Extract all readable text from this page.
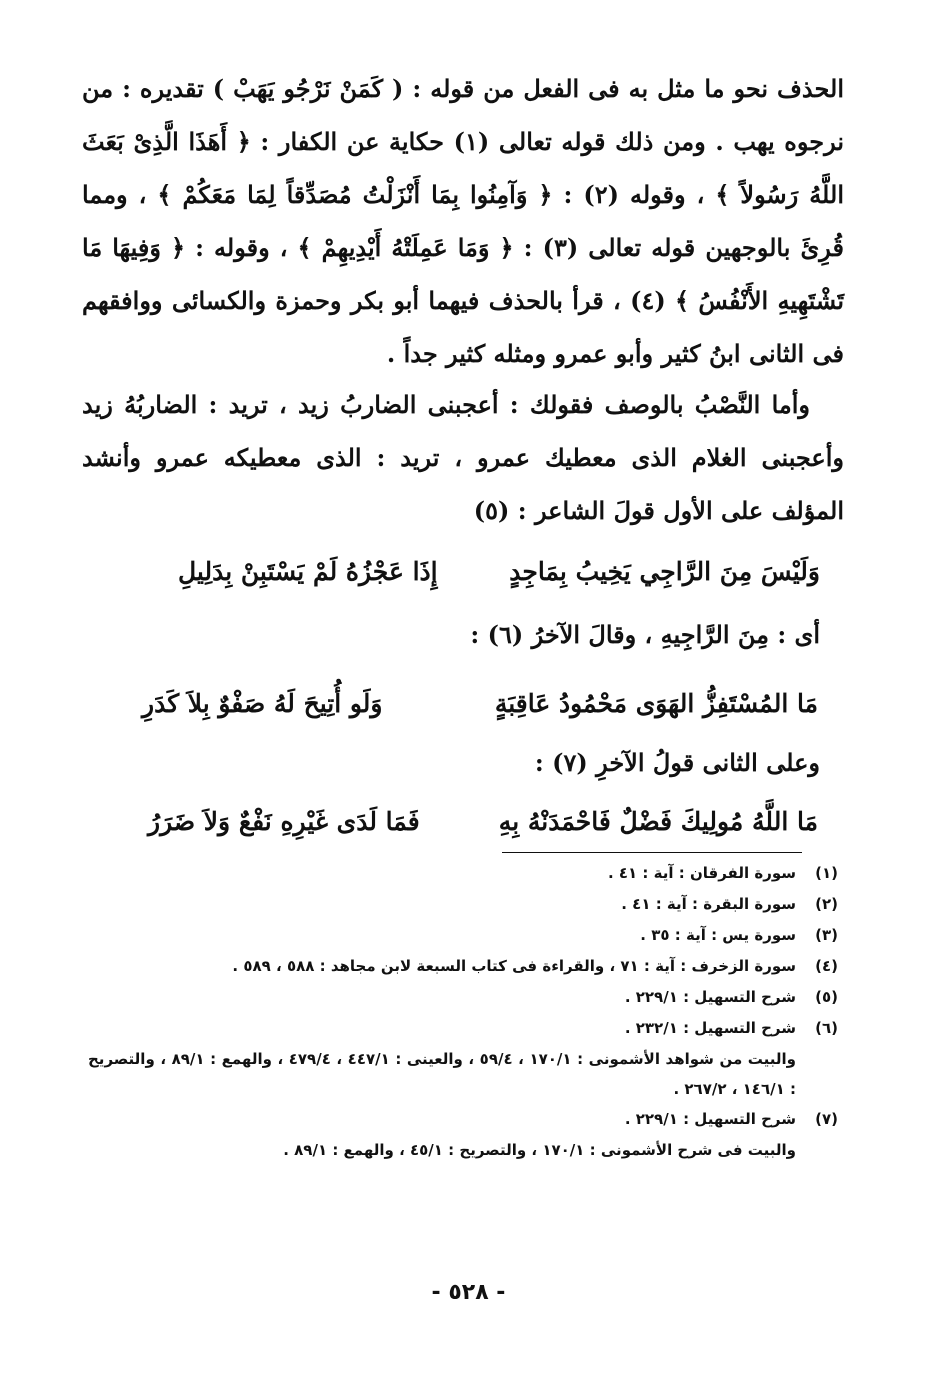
الحذف نحو ما مثل به فى الفعل من قوله : ( كَمَنْ نَرْجُو يَهَبْ ) تقديره : من نرجوه يهب . ومن ذلك قوله تعالى (١) حكاية عن الكفار : ﴿ أَهَذَا الَّذِىْ بَعَثَ اللَّهُ رَسُولاً ﴾ ، وقوله (٢) : ﴿ وَآمِنُوا بِمَا أَنْزَلْتُ مُصَدِّقاً لِمَا مَعَكُمْ ﴾ ، ومما قُرِئَ بالوجهين قوله تعالى (٣) : ﴿ وَمَا عَمِلَتْهُ أَيْدِيهِمْ ﴾ ، وقوله : ﴿ وَفِيهَا مَا تَشْتَهِيهِ الأَنْفُسُ ﴾ (٤) ، قرأ بالحذف فيهما أبو بكر وحمزة والكسائى ووافقهم فى الثانى ابنُ كثير وأبو عمرو ومثله كثير جداً .

وأما النَّصْبُ بالوصف فقولك : أعجبنى الضاربُ زيد ، تريد : الضاربُهُ زيد وأعجبنى الغلام الذى معطيك عمرو ، تريد : الذى معطيكه عمرو وأنشد المؤلف على الأول قولَ الشاعر : (٥)

وَلَيْسَ مِنَ الرَّاجِي يَخِيبُ بِمَاجِدٍ
إِذَا عَجْزُهُ لَمْ يَسْتَبِنْ بِدَلِيلِ
أى : مِنَ الرَّاجِيهِ ، وقالَ الآخرُ (٦) :
مَا المُسْتَفِزُّ الهَوَى مَحْمُودُ عَاقِبَةٍ
وَلَو أُتِيحَ لَهُ صَفْوٌ بِلاَ كَدَرِ
وعلى الثانى قولُ الآخرِ (٧) :
مَا اللَّهُ مُولِيكَ فَضْلٌ فَاحْمَدَنْهُ بِهِ
فَمَا لَدَى غَيْرِهِ نَفْعٌ وَلاَ ضَرَرُ
(١)
سورة الفرقان : آية : ٤١ .
(٢)
سورة البقرة : آية : ٤١ .
(٣)
سورة يس : آية : ٣٥ .
(٤)
سورة الزخرف : آية : ٧١ ، والقراءة فى كتاب السبعة لابن مجاهد : ٥٨٨ ، ٥٨٩ .
(٥)
شرح التسهيل : ٢٢٩/١ .
(٦)
شرح التسهيل : ٢٣٢/١ .
والبيت من شواهد الأشمونى : ١٧٠/١ ، ٥٩/٤ ، والعينى : ٤٤٧/١ ، ٤٧٩/٤ ، والهمع : ٨٩/١ ، والتصريح : ١٤٦/١ ، ٢٦٧/٢ .
(٧)
شرح التسهيل : ٢٢٩/١ .
والبيت فى شرح الأشمونى : ١٧٠/١ ، والتصريح : ٤٥/١ ، والهمع : ٨٩/١ .
- ٥٢٨ -
